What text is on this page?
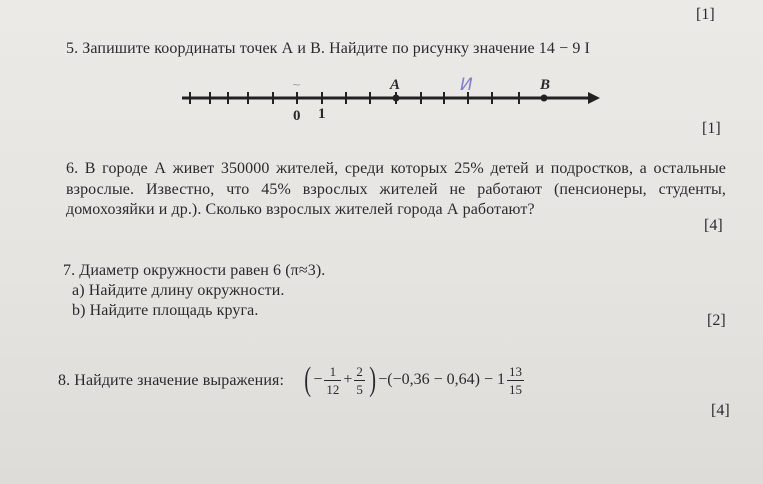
[1]
5. Запишите координаты точек А и В. Найдите по рисунку значение 14 − 9 I
0 1
A	B
И
~
[1]
6. В городе А живет 350000 жителей, среди которых 25% детей и подростков, а остальные
взрослые. Известно, что 45% взрослых жителей не работают (пенсионеры, студенты,
домохозяйки и др.). Сколько взрослых жителей города А работают?
[4]
7. Диаметр окружности равен 6 (π≈3).
a) Найдите длину окружности.
b) Найдите площадь круга.
[2]
8. Найдите значение выражения: ( − $\frac{1}{12} + \frac{2}{5}$ ) $-(-0,36 - 0,64) - 1 \frac{13}{15}$
[4]
